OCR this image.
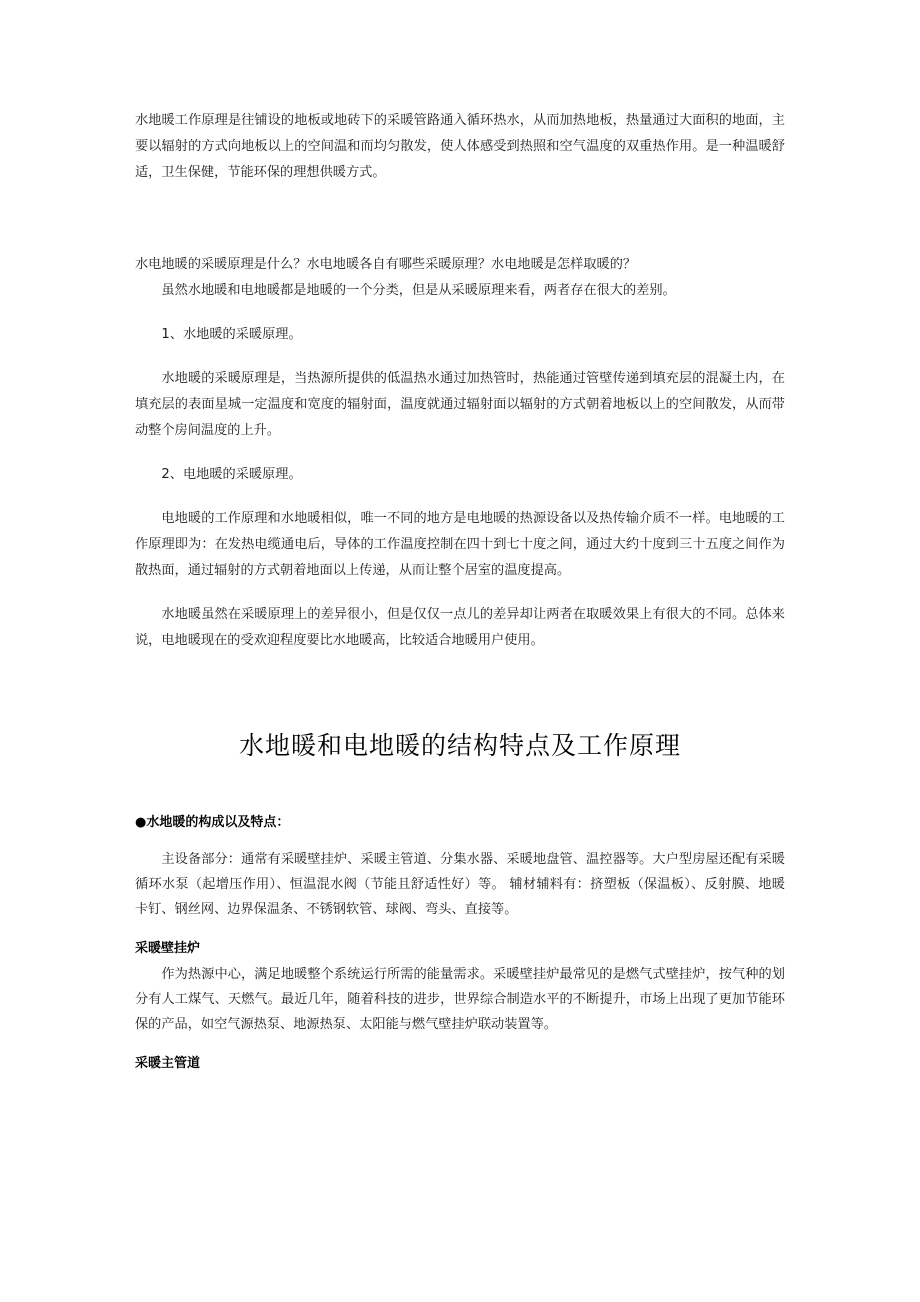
水地暖工作原理是往铺设的地板或地砖下的采暖管路通入循环热水，从而加热地板，热量通过大面积的地面，主要以辐射的方式向地板以上的空间温和而均匀散发，使人体感受到热照和空气温度的双重热作用。是一种温暖舒适，卫生保健，节能环保的理想供暖方式。

水电地暖的采暖原理是什么？水电地暖各自有哪些采暖原理？水电地暖是怎样取暖的？

虽然水地暖和电地暖都是地暖的一个分类，但是从采暖原理来看，两者存在很大的差别。

1、水地暖的采暖原理。

水地暖的采暖原理是，当热源所提供的低温热水通过加热管时，热能通过管壁传递到填充层的混凝土内，在填充层的表面星城一定温度和宽度的辐射面，温度就通过辐射面以辐射的方式朝着地板以上的空间散发，从而带动整个房间温度的上升。

2、电地暖的采暖原理。

电地暖的工作原理和水地暖相似，唯一不同的地方是电地暖的热源设备以及热传输介质不一样。电地暖的工作原理即为：在发热电缆通电后，导体的工作温度控制在四十到七十度之间，通过大约十度到三十五度之间作为散热面，通过辐射的方式朝着地面以上传递，从而让整个居室的温度提高。

水地暖虽然在采暖原理上的差异很小，但是仅仅一点儿的差异却让两者在取暖效果上有很大的不同。总体来说，电地暖现在的受欢迎程度要比水地暖高，比较适合地暖用户使用。

水地暖和电地暖的结构特点及工作原理

●水地暖的构成以及特点：

主设备部分：通常有采暖壁挂炉、采暖主管道、分集水器、采暖地盘管、温控器等。大户型房屋还配有采暖循环水泵（起增压作用）、恒温混水阀（节能且舒适性好）等。 辅材辅料有：挤塑板（保温板）、反射膜、地暖卡钉、钢丝网、边界保温条、不锈钢软管、球阀、弯头、直接等。

采暖壁挂炉

作为热源中心，满足地暖整个系统运行所需的能量需求。采暖壁挂炉最常见的是燃气式壁挂炉，按气种的划分有人工煤气、天燃气。最近几年，随着科技的进步，世界综合制造水平的不断提升，市场上出现了更加节能环保的产品，如空气源热泵、地源热泵、太阳能与燃气壁挂炉联动装置等。

采暖主管道
